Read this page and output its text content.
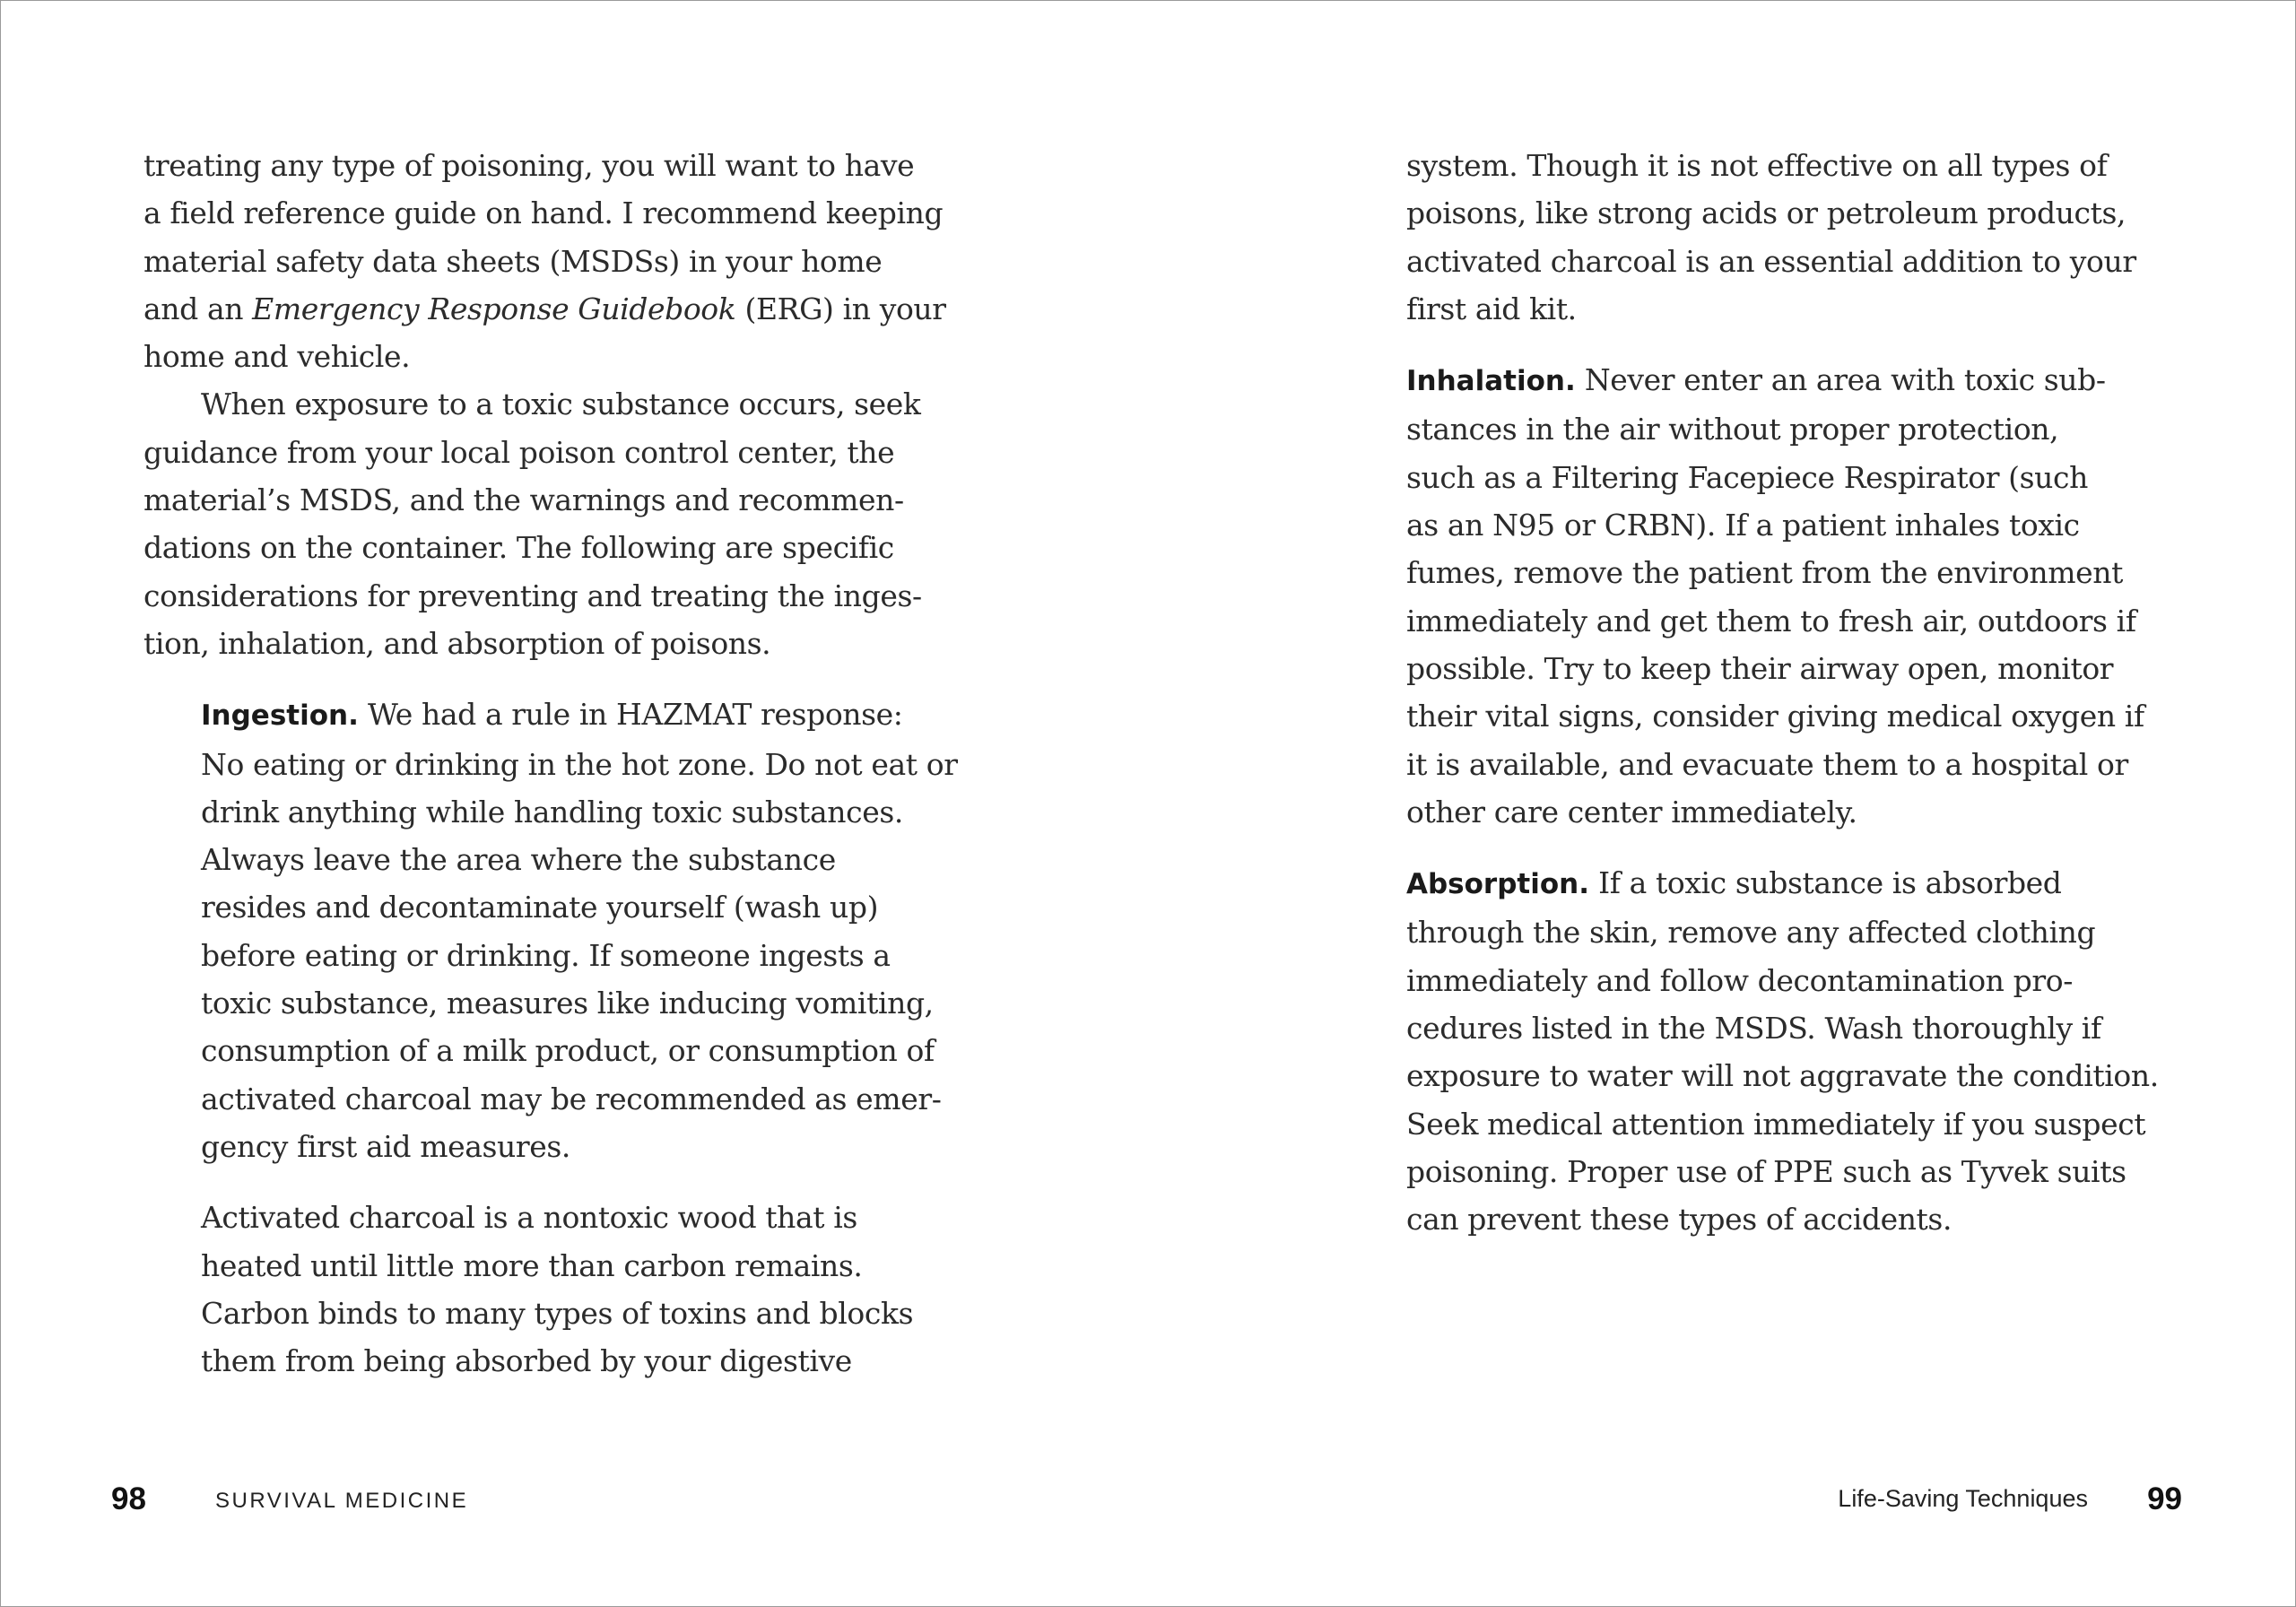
treating any type of poisoning, you will want to have
a field reference guide on hand. I recommend keeping
material safety data sheets (MSDSs) in your home
and an Emergency Response Guidebook (ERG) in your
home and vehicle.
When exposure to a toxic substance occurs, seek
guidance from your local poison control center, the
material’s MSDS, and the warnings and recommen-
dations on the container. The following are specific
considerations for preventing and treating the inges-
tion, inhalation, and absorption of poisons.
Ingestion. We had a rule in HAZMAT response:
No eating or drinking in the hot zone. Do not eat or
drink anything while handling toxic substances.
Always leave the area where the substance
resides and decontaminate yourself (wash up)
before eating or drinking. If someone ingests a
toxic substance, measures like inducing vomiting,
consumption of a milk product, or consumption of
activated charcoal may be recommended as emer-
gency first aid measures.
Activated charcoal is a nontoxic wood that is
heated until little more than carbon remains.
Carbon binds to many types of toxins and blocks
them from being absorbed by your digestive
98	SURVIVAL MEDICINE
system. Though it is not effective on all types of
poisons, like strong acids or petroleum products,
activated charcoal is an essential addition to your
first aid kit.
Inhalation. Never enter an area with toxic sub-
stances in the air without proper protection,
such as a Filtering Facepiece Respirator (such
as an N95 or CRBN). If a patient inhales toxic
fumes, remove the patient from the environment
immediately and get them to fresh air, outdoors if
possible. Try to keep their airway open, monitor
their vital signs, consider giving medical oxygen if
it is available, and evacuate them to a hospital or
other care center immediately.
Absorption. If a toxic substance is absorbed
through the skin, remove any affected clothing
immediately and follow decontamination pro-
cedures listed in the MSDS. Wash thoroughly if
exposure to water will not aggravate the condition.
Seek medical attention immediately if you suspect
poisoning. Proper use of PPE such as Tyvek suits
can prevent these types of accidents.
Life-Saving Techniques 99
